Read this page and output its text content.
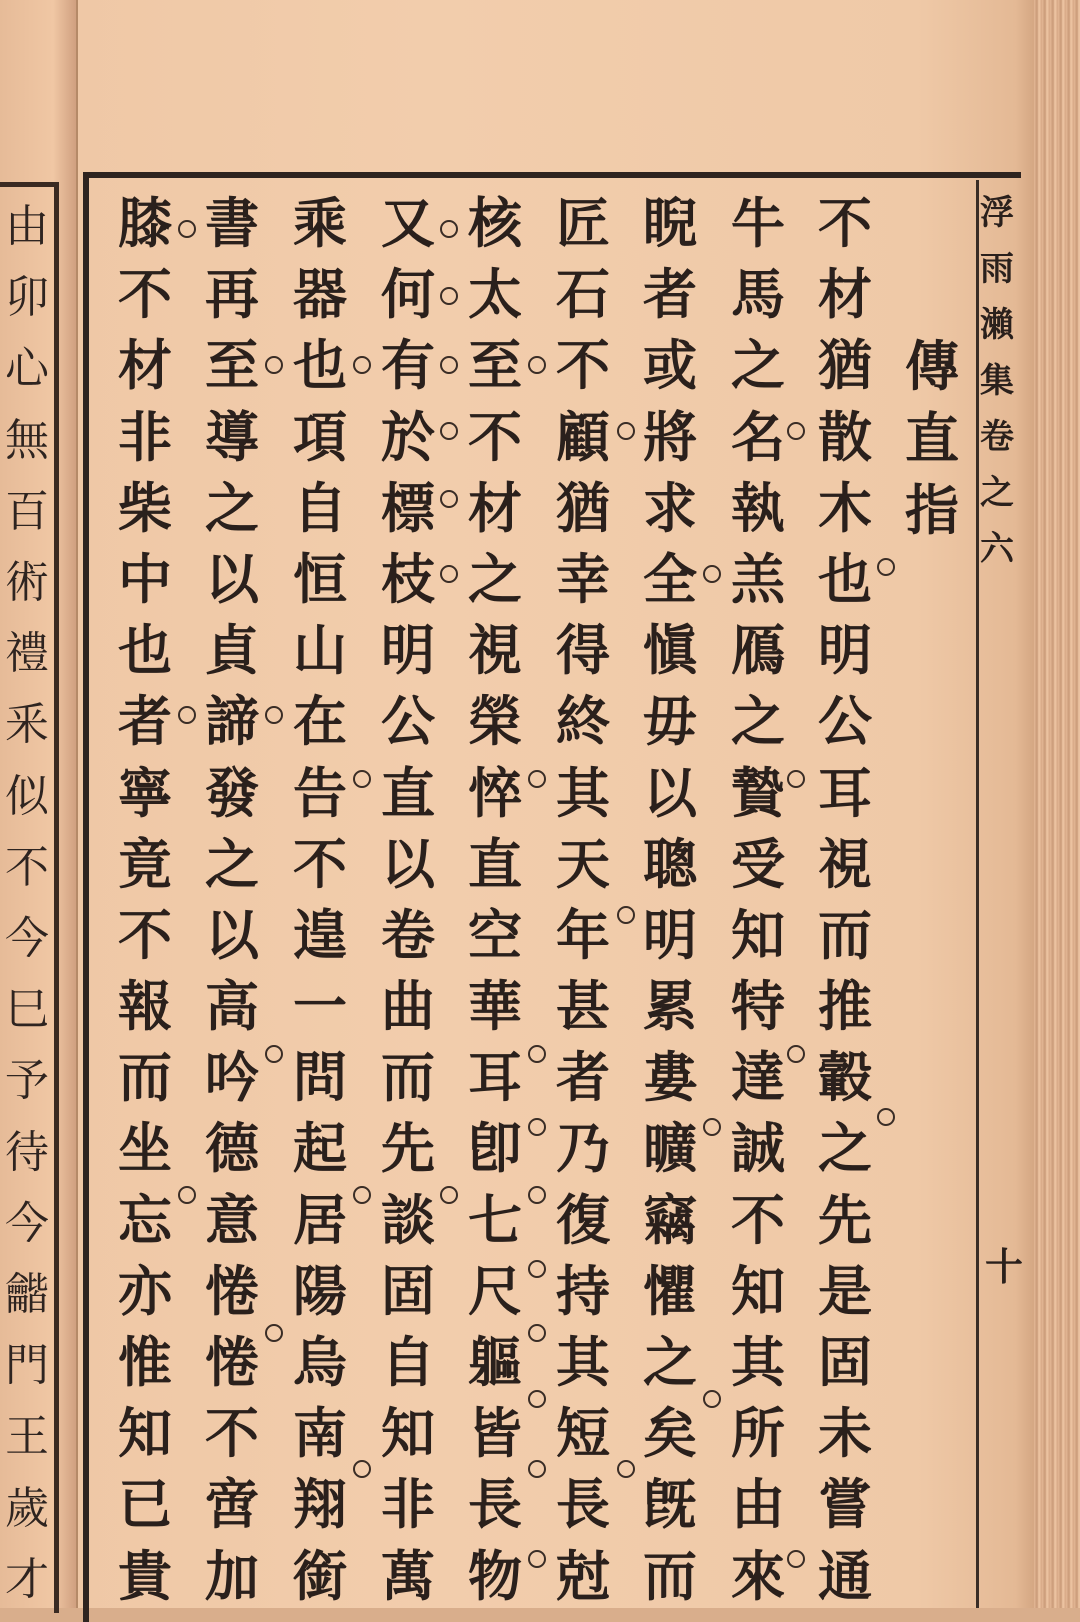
由
卯
心
無
百
術
禮
釆
似
不
今
巳
予
待
今
龤
門
王
歲
才
浮
雨
瀨
集
卷
之
六
十
傳
直
指
不
材
猶
散
木
也
明
公
耳
視
而
推
轂
之
先
是
固
未
嘗
通
牛
馬
之
名
執
羔
鴈
之
贄
受
知
特
達
誠
不
知
其
所
由
來
睨
者
或
將
求
全
愼
毋
以
聰
明
累
婁
曠
竊
懼
之
矣
旣
而
匠
石
不
顧
猶
幸
得
終
其
天
年
甚
者
乃
復
持
其
短
長
尅
核
太
至
不
材
之
視
榮
悴
直
空
華
耳
卽
七
尺
軀
皆
長
物
又
何
有
於
標
枝
明
公
直
以
卷
曲
而
先
談
固
自
知
非
萬
乘
器
也
項
自
恒
山
在
告
不
遑
一
問
起
居
陽
烏
南
翔
銜
書
再
至
導
之
以
貞
諦
發
之
以
高
吟
德
意
惓
惓
不
啻
加
膝
不
材
非
柴
中
也
者
寧
竟
不
報
而
坐
忘
亦
惟
知
已
貴
